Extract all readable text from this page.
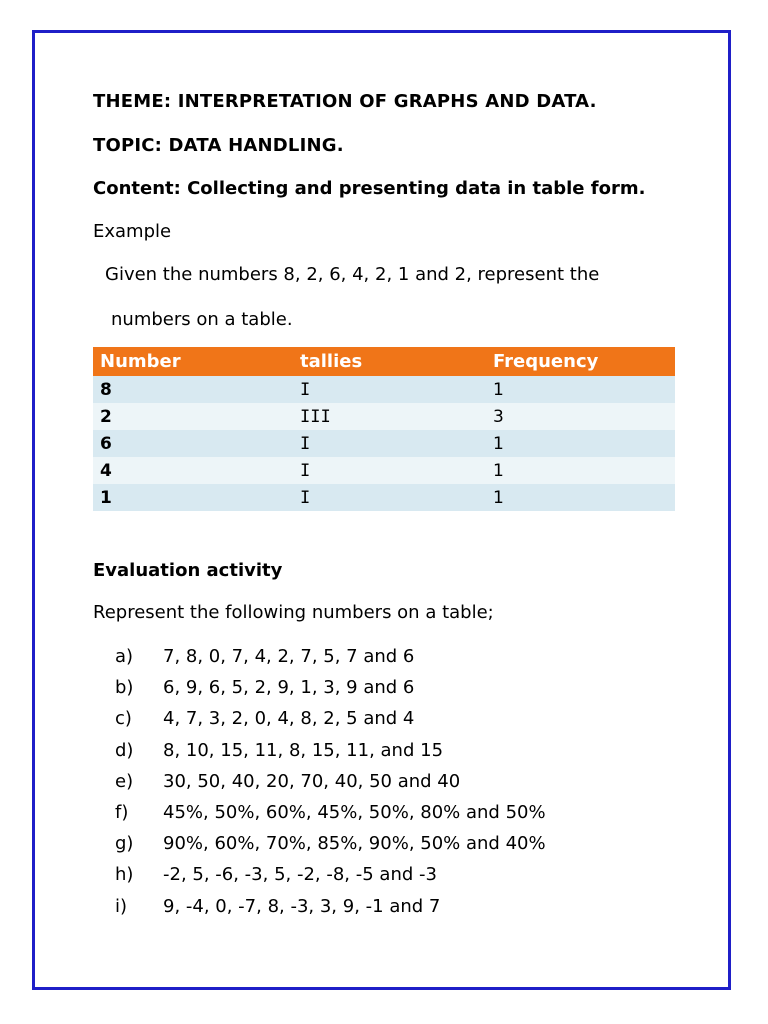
THEME: INTERPRETATION OF GRAPHS AND DATA.
TOPIC: DATA HANDLING.
Content: Collecting and presenting data in table form.
Example
Given the numbers 8, 2, 6, 4, 2, 1 and 2, represent the
numbers on a table.
Number	tallies	Frequency
8	I	1
2	III	3
6	I	1
4	I	1
1	I	1
Evaluation activity
Represent the following numbers on a table;
a) 7, 8, 0, 7, 4, 2, 7, 5, 7 and 6
b) 6, 9, 6, 5, 2, 9, 1, 3, 9 and 6
c) 4, 7, 3, 2, 0, 4, 8, 2, 5 and 4
d) 8, 10, 15, 11, 8, 15, 11, and 15
e) 30, 50, 40, 20, 70, 40, 50 and 40
f) 45%, 50%, 60%, 45%, 50%, 80% and 50%
g) 90%, 60%, 70%, 85%, 90%, 50% and 40%
h) -2, 5, -6, -3, 5, -2, -8, -5 and -3
i) 9, -4, 0, -7, 8, -3, 3, 9, -1 and 7
